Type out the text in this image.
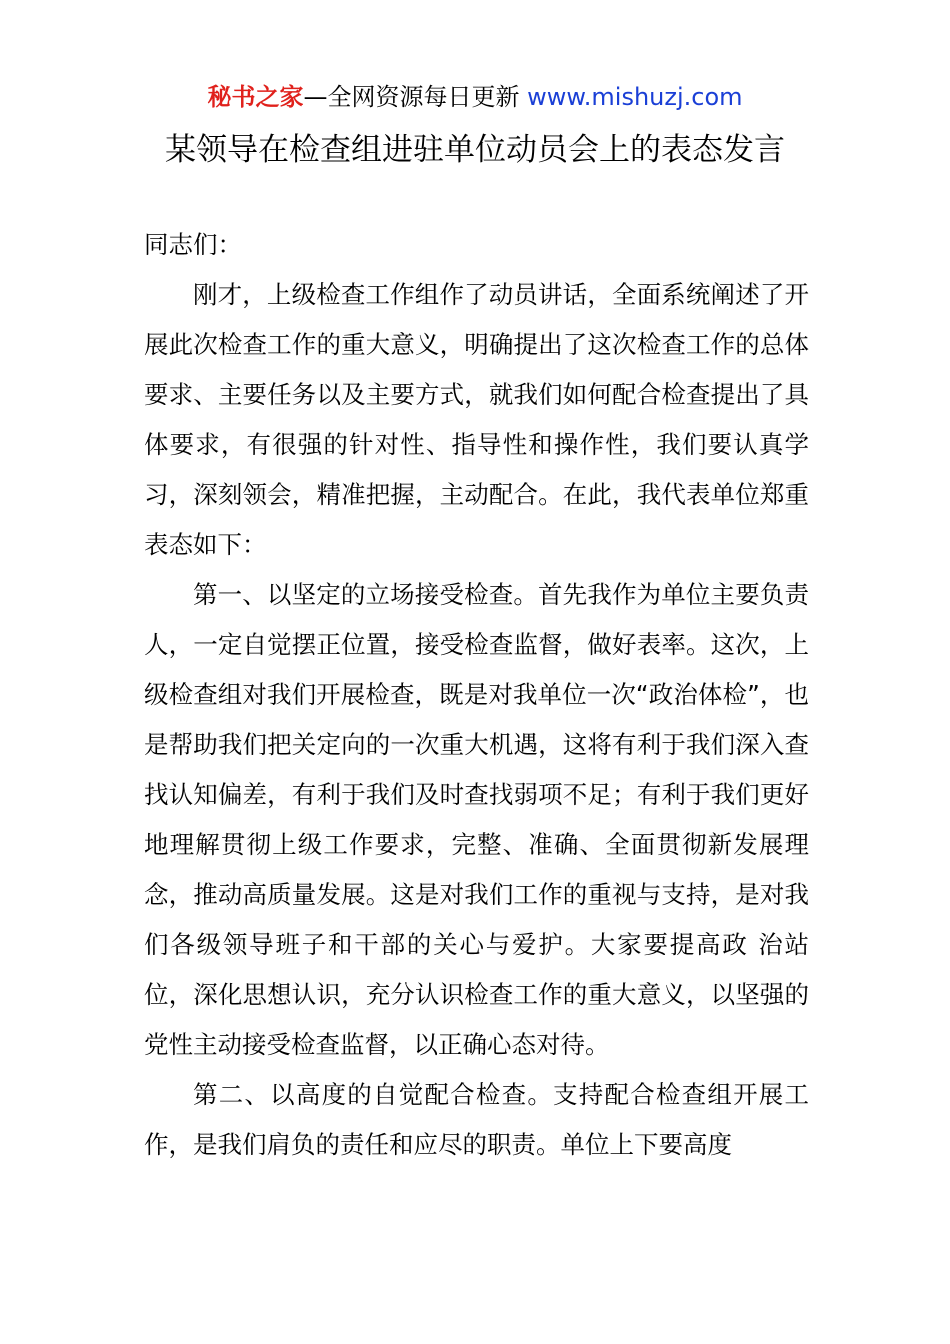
秘书之家—全网资源每日更新 www.mishuzj.com
某领导在检查组进驻单位动员会上的表态发言

同志们：

刚才，上级检查工作组作了动员讲话，全面系统阐述了开展此次检查工作的重大意义，明确提出了这次检查工作的总体要求、主要任务以及主要方式，就我们如何配合检查提出了具体要求，有很强的针对性、指导性和操作性，我们要认真学习，深刻领会，精准把握，主动配合。在此，我代表单位郑重表态如下：

第一、以坚定的立场接受检查。首先我作为单位主要负责人，一定自觉摆正位置，接受检查监督，做好表率。这次，上级检查组对我们开展检查，既是对我单位一次“政治体检”，也是帮助我们把关定向的一次重大机遇，这将有利于我们深入查找认知偏差，有利于我们及时查找弱项不足；有利于我们更好地理解贯彻上级工作要求，完整、准确、全面贯彻新发展理念，推动高质量发展。这是对我们工作的重视与支持，是对我们各级领导班子和干部的关心与爱护。大家要提高政 治站位，深化思想认识，充分认识检查工作的重大意义，以坚强的党性主动接受检查监督，以正确心态对待。

第二、以高度的自觉配合检查。支持配合检查组开展工作，是我们肩负的责任和应尽的职责。单位上下要高度
